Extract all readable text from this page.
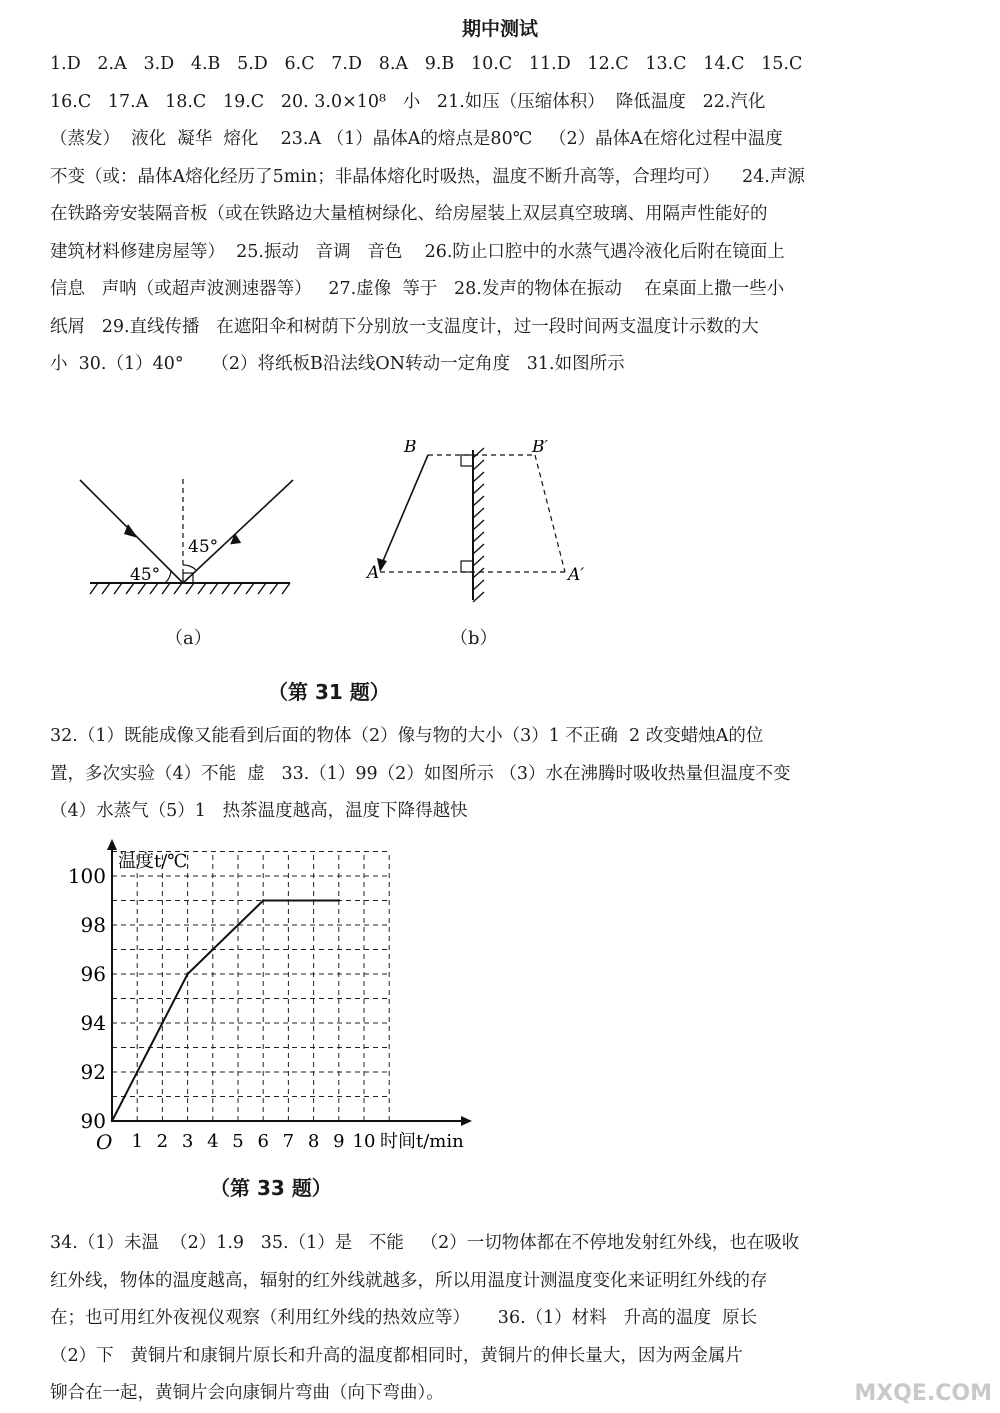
期中测试
1.D   2.A   3.D   4.B   5.D   6.C   7.D   8.A   9.B   10.C   11.D   12.C   13.C   14.C   15.C
16.C   17.A   18.C   19.C   20. 3.0×10⁸   小   21.如压（压缩体积）  降低温度   22.汽化
（蒸发）  液化  凝华  熔化    23.A （1）晶体A的熔点是80℃   （2）晶体A在熔化过程中温度
不变（或：晶体A熔化经历了5min；非晶体熔化时吸热，温度不断升高等，合理均可）    24.声源
在铁路旁安装隔音板（或在铁路边大量植树绿化、给房屋装上双层真空玻璃、用隔声性能好的
建筑材料修建房屋等）  25.振动   音调   音色    26.防止口腔中的水蒸气遇冷液化后附在镜面上
信息   声呐（或超声波测速器等）   27.虚像  等于   28.发声的物体在振动    在桌面上撒一些小
纸屑   29.直线传播   在遮阳伞和树荫下分别放一支温度计，过一段时间两支温度计示数的大
小  30.（1）40°     （2）将纸板B沿法线ON转动一定角度   31.如图所示
45°
45°
B	B′
A	A′
（a）	（b）
（第 31 题）
32.（1）既能成像又能看到后面的物体（2）像与物的大小（3）1 不正确  2 改变蜡烛A的位
置，多次实验（4）不能  虚   33.（1）99（2）如图所示 （3）水在沸腾时吸收热量但温度不变
（4）水蒸气（5）1   热茶温度越高，温度下降得越快
90
92
94
96
98
100
1 2 3 4 5 6 7 8 9 10
温度t/℃
O	时间t/min
（第 33 题）
34.（1）未温  （2）1.9   35.（1）是   不能   （2）一切物体都在不停地发射红外线，也在吸收
红外线，物体的温度越高，辐射的红外线就越多，所以用温度计测温度变化来证明红外线的存
在；也可用红外夜视仪观察（利用红外线的热效应等）     36.（1）材料   升高的温度  原长
（2）下   黄铜片和康铜片原长和升高的温度都相同时，黄铜片的伸长量大，因为两金属片
铆合在一起，黄铜片会向康铜片弯曲（向下弯曲）。	MXQE.COM
